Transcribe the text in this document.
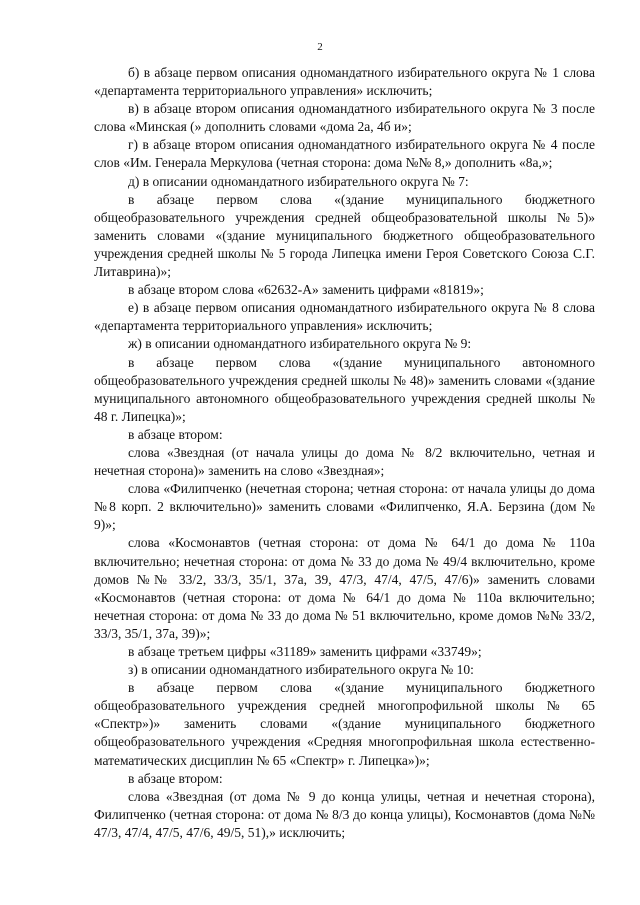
2

б) в абзаце первом описания одномандатного избирательного округа № 1 слова «департамента территориального управления» исключить;

в) в абзаце втором описания одномандатного избирательного округа № 3 после слова «Минская (» дополнить словами «дома 2а, 4б и»;

г) в абзаце втором описания одномандатного избирательного округа № 4 после слов «Им. Генерала Меркулова (четная сторона: дома №№ 8,» дополнить «8а,»;

д) в описании одномандатного избирательного округа № 7:

в абзаце первом слова «(здание муниципального бюджетного общеобразовательного учреждения средней общеобразовательной школы №5)» заменить словами «(здание муниципального бюджетного общеобразовательного учреждения средней школы № 5 города Липецка имени Героя Советского Союза С.Г. Литаврина)»;

в абзаце втором слова «62632-А» заменить цифрами «81819»;

е) в абзаце первом описания одномандатного избирательного округа № 8 слова «департамента территориального управления» исключить;

ж) в описании одномандатного избирательного округа № 9:

в абзаце первом слова «(здание муниципального автономного общеобразовательного учреждения средней школы № 48)» заменить словами «(здание муниципального автономного общеобразовательного учреждения средней школы № 48 г. Липецка)»;

в абзаце втором:

слова «Звездная (от начала улицы до дома № 8/2 включительно, четная и нечетная сторона)» заменить на слово «Звездная»;

слова «Филипченко (нечетная сторона; четная сторона: от начала улицы до дома №8 корп. 2 включительно)» заменить словами «Филипченко, Я.А. Берзина (дом № 9)»;

слова «Космонавтов (четная сторона: от дома № 64/1 до дома № 110а включительно; нечетная сторона: от дома № 33 до дома № 49/4 включительно, кроме домов №№ 33/2, 33/3, 35/1, 37а, 39, 47/3, 47/4, 47/5, 47/6)» заменить словами «Космонавтов (четная сторона: от дома № 64/1 до дома № 110а включительно; нечетная сторона: от дома № 33 до дома № 51 включительно, кроме домов №№ 33/2, 33/3, 35/1, 37а, 39)»;

в абзаце третьем цифры «31189» заменить цифрами «33749»;

з) в описании одномандатного избирательного округа № 10:

в абзаце первом слова «(здание муниципального бюджетного общеобразовательного учреждения средней многопрофильной школы № 65 «Спектр»)» заменить словами «(здание муниципального бюджетного общеобразовательного учреждения «Средняя многопрофильная школа естественно-математических дисциплин № 65 «Спектр» г. Липецка»)»;

в абзаце втором:

слова «Звездная (от дома № 9 до конца улицы, четная и нечетная сторона), Филипченко (четная сторона: от дома № 8/3 до конца улицы), Космонавтов (дома №№ 47/3, 47/4, 47/5, 47/6, 49/5, 51),» исключить;
